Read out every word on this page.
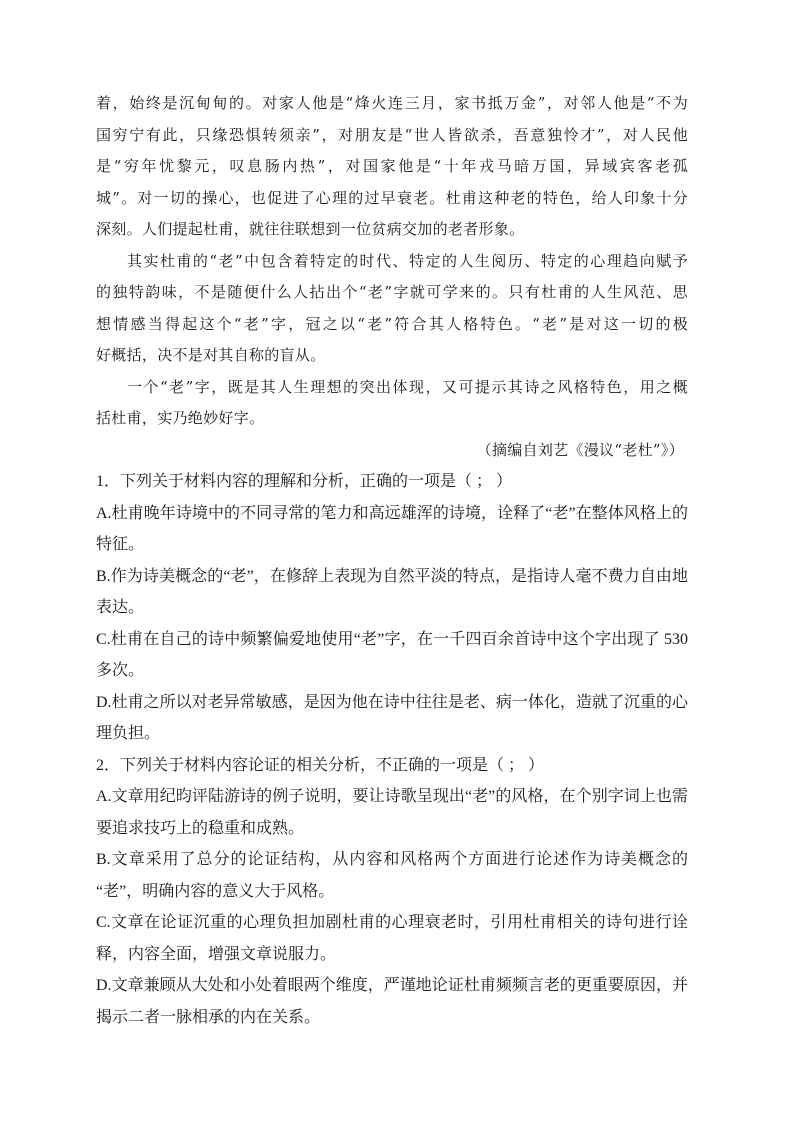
着，始终是沉甸甸的。对家人他是“烽火连三月，家书抵万金”，对邻人他是“不为
国穷宁有此，只缘恐惧转须亲”，对朋友是“世人皆欲杀，吾意独怜才”，对人民他
是“穷年忧黎元，叹息肠内热”，对国家他是“十年戎马暗万国，异域宾客老孤
城”。对一切的操心，也促进了心理的过早衰老。杜甫这种老的特色，给人印象十分
深刻。人们提起杜甫，就往往联想到一位贫病交加的老者形象。
其实杜甫的“老”中包含着特定的时代、特定的人生阅历、特定的心理趋向赋予
的独特韵味，不是随便什么人拈出个“老”字就可学来的。只有杜甫的人生风范、思
想情感当得起这个“老”字，冠之以“老”符合其人格特色。“老”是对这一切的极
好概括，决不是对其自称的盲从。
一个“老”字，既是其人生理想的突出体现，又可提示其诗之风格特色，用之概
括杜甫，实乃绝妙好字。
（摘编自刘艺《漫议“老杜”》）
1．下列关于材料内容的理解和分析，正确的一项是（ ； ）
A.杜甫晚年诗境中的不同寻常的笔力和高远雄浑的诗境，诠释了“老”在整体风格上的
特征。
B.作为诗美概念的“老”，在修辞上表现为自然平淡的特点，是指诗人毫不费力自由地
表达。
C.杜甫在自己的诗中频繁偏爱地使用“老”字，在一千四百余首诗中这个字出现了 530
多次。
D.杜甫之所以对老异常敏感，是因为他在诗中往往是老、病一体化，造就了沉重的心
理负担。
2．下列关于材料内容论证的相关分析，不正确的一项是（ ； ）
A.文章用纪昀评陆游诗的例子说明，要让诗歌呈现出“老”的风格，在个别字词上也需
要追求技巧上的稳重和成熟。
B.文章采用了总分的论证结构，从内容和风格两个方面进行论述作为诗美概念的
“老”，明确内容的意义大于风格。
C.文章在论证沉重的心理负担加剧杜甫的心理衰老时，引用杜甫相关的诗句进行诠
释，内容全面，增强文章说服力。
D.文章兼顾从大处和小处着眼两个维度，严谨地论证杜甫频频言老的更重要原因，并
揭示二者一脉相承的内在关系。
